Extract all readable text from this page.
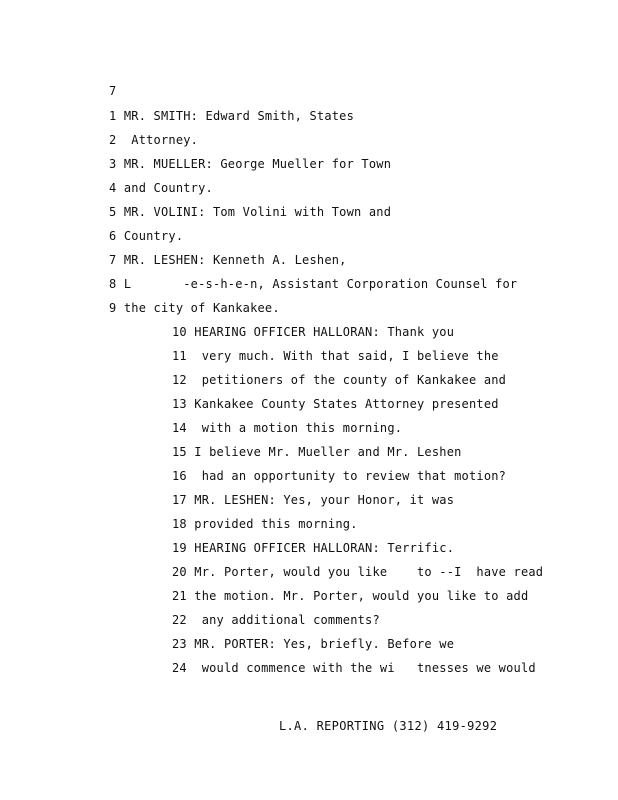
7
1 MR. SMITH: Edward Smith, States
2  Attorney.
3 MR. MUELLER: George Mueller for Town
4 and Country.
5 MR. VOLINI: Tom Volini with Town and
6 Country.
7 MR. LESHEN: Kenneth A. Leshen,
8 L       -e-s-h-e-n, Assistant Corporation Counsel for
9 the city of Kankakee.
10 HEARING OFFICER HALLORAN: Thank you
11  very much. With that said, I believe the
12  petitioners of the county of Kankakee and
13 Kankakee County States Attorney presented
14  with a motion this morning.
15 I believe Mr. Mueller and Mr. Leshen
16  had an opportunity to review that motion?
17 MR. LESHEN: Yes, your Honor, it was
18 provided this morning.
19 HEARING OFFICER HALLORAN: Terrific.
20 Mr. Porter, would you like    to --I  have read
21 the motion. Mr. Porter, would you like to add
22  any additional comments?
23 MR. PORTER: Yes, briefly. Before we
24  would commence with the wi   tnesses we would
L.A. REPORTING (312) 419-9292
